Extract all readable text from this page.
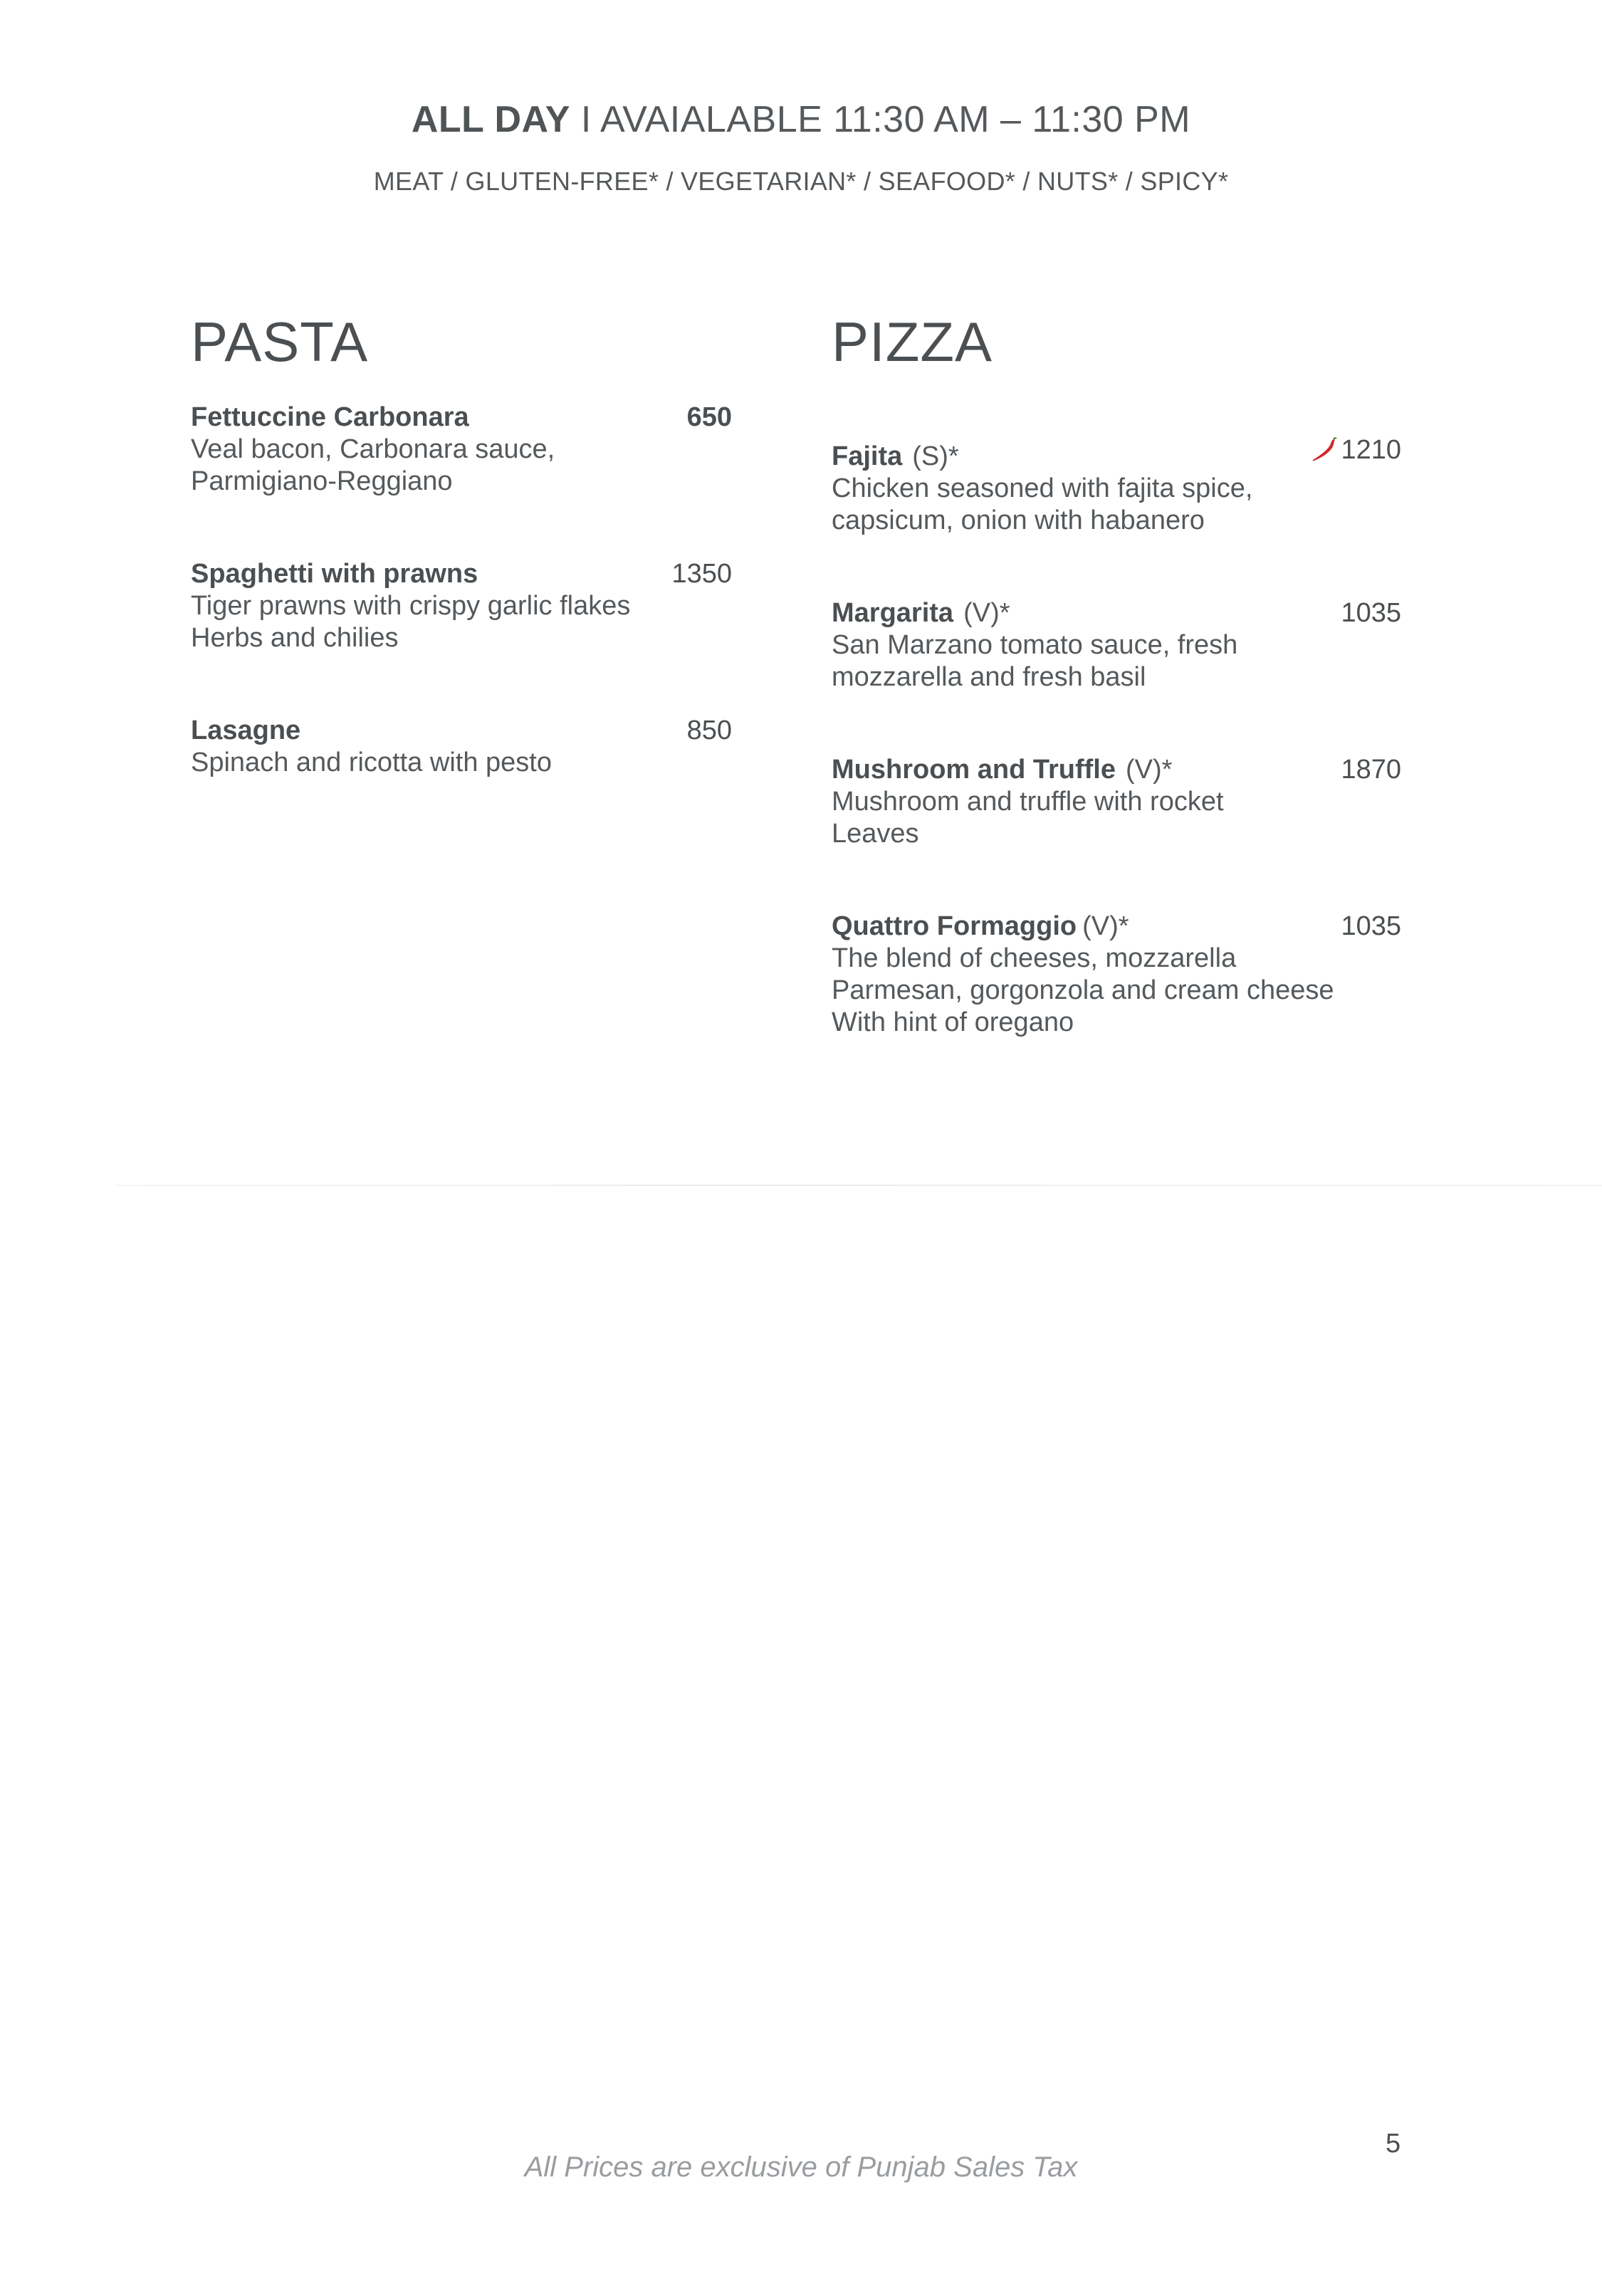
ALL DAY I AVAIALABLE 11:30 AM – 11:30 PM
MEAT / GLUTEN-FREE* / VEGETARIAN* / SEAFOOD* / NUTS* / SPICY*
PASTA
Fettuccine Carbonara	650
Veal bacon, Carbonara sauce,
Parmigiano-Reggiano
Spaghetti with prawns	1350
Tiger prawns with crispy garlic flakes
Herbs and chilies
Lasagne	850
Spinach and ricotta with pesto
PIZZA
Fajita (S)*	1210
Chicken seasoned with fajita spice,
capsicum, onion with habanero
Margarita (V)*	1035
San Marzano tomato sauce, fresh
mozzarella and fresh basil
Mushroom and Truffle (V)*	1870
Mushroom and truffle with rocket
Leaves
Quattro Formaggio (V)*	1035
The blend of cheeses, mozzarella
Parmesan, gorgonzola and cream cheese
With hint of oregano
5
All Prices are exclusive of Punjab Sales Tax
